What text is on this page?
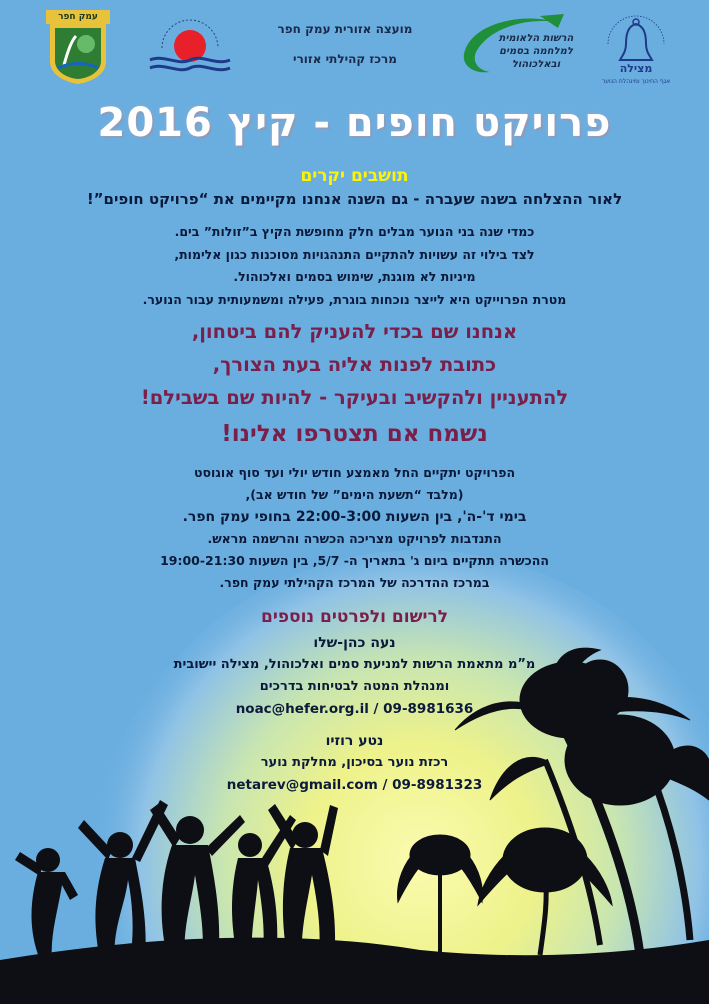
עמק חפר
מועצה אזורית עמק חפר
מרכז קהילתי אזורי
הרשות הלאומית למלחמה בסמים ובאלכוהול	מצילה
אגף החינוך ומינהלת הנוער
פרויקט חופים - קיץ 2016
תושבים יקרים
לאור ההצלחה בשנה שעברה - גם השנה אנחנו מקיימים את “פרויקט חופים”!
כמדי שנה בני הנוער מבלים חלק מחופשת הקיץ ב”זולות” בים.
לצד בילוי זה עשויות להתקיים התנהגויות מסוכנות כגון אלימות,
מיניות לא מוגנת, שימוש בסמים ואלכוהול.
מטרת הפרוייקט היא לייצר נוכחות בוגרת, פעילה ומשמעותית עבור הנוער.
אנחנו שם בכדי להעניק להם ביטחון,
כתובת לפנות אליה בעת הצורך,
להתעניין ולהקשיב ובעיקר - להיות שם בשבילם!
נשמח אם תצטרפו אלינו!
הפרויקט יתקיים החל מאמצע חודש יולי ועד סוף אוגוסט
(מלבד “תשעת הימים” של חודש אב),
בימי ד'-ה', בין השעות 22:00-3:00 בחופי עמק חפר.
התנדבות לפרויקט מצריכה הכשרה והרשמה מראש.
ההכשרה תתקיים ביום ג' בתאריך ה- 5/7, בין השעות 19:00-21:30
במרכז ההדרכה של המרכז הקהילתי עמק חפר.
לרישום ולפרטים נוספים
נעה כהן-שלו
מ”מ מתאמת הרשות למניעת סמים ואלכוהול, מצילה יישובית
ומנהלת המטה לבטיחות בדרכים
noac@hefer.org.il / 09-8981636
נטע רוזיו
רכזת נוער בסיכון, מחלקת נוער
netarev@gmail.com / 09-8981323
